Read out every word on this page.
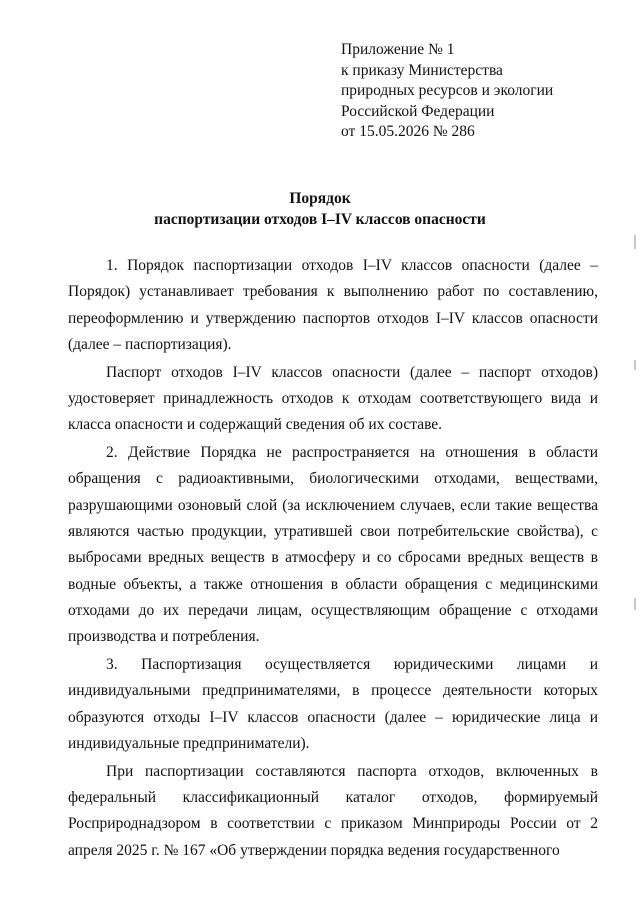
Приложение № 1
к приказу Министерства
природных ресурсов и экологии
Российской Федерации
от 15.05.2026 № 286
Порядок
паспортизации отходов I–IV классов опасности

1. Порядок паспортизации отходов I–IV классов опасности (далее – Порядок) устанавливает требования к выполнению работ по составлению, переоформлению и утверждению паспортов отходов I–IV классов опасности (далее – паспортизация).

Паспорт отходов I–IV классов опасности (далее – паспорт отходов) удостоверяет принадлежность отходов к отходам соответствующего вида и класса опасности и содержащий сведения об их составе.

2. Действие Порядка не распространяется на отношения в области обращения с радиоактивными, биологическими отходами, веществами, разрушающими озоновый слой (за исключением случаев, если такие вещества являются частью продукции, утратившей свои потребительские свойства), с выбросами вредных веществ в атмосферу и со сбросами вредных веществ в водные объекты, а также отношения в области обращения с медицинскими отходами до их передачи лицам, осуществляющим обращение с отходами производства и потребления.

3. Паспортизация осуществляется юридическими лицами и индивидуальными предпринимателями, в процессе деятельности которых образуются отходы I–IV классов опасности (далее – юридические лица и индивидуальные предприниматели).

При паспортизации составляются паспорта отходов, включенных в федеральный классификационный каталог отходов, формируемый Росприроднадзором в соответствии с приказом Минприроды России от 2 апреля 2025 г. № 167 «Об утверждении порядка ведения государственного
